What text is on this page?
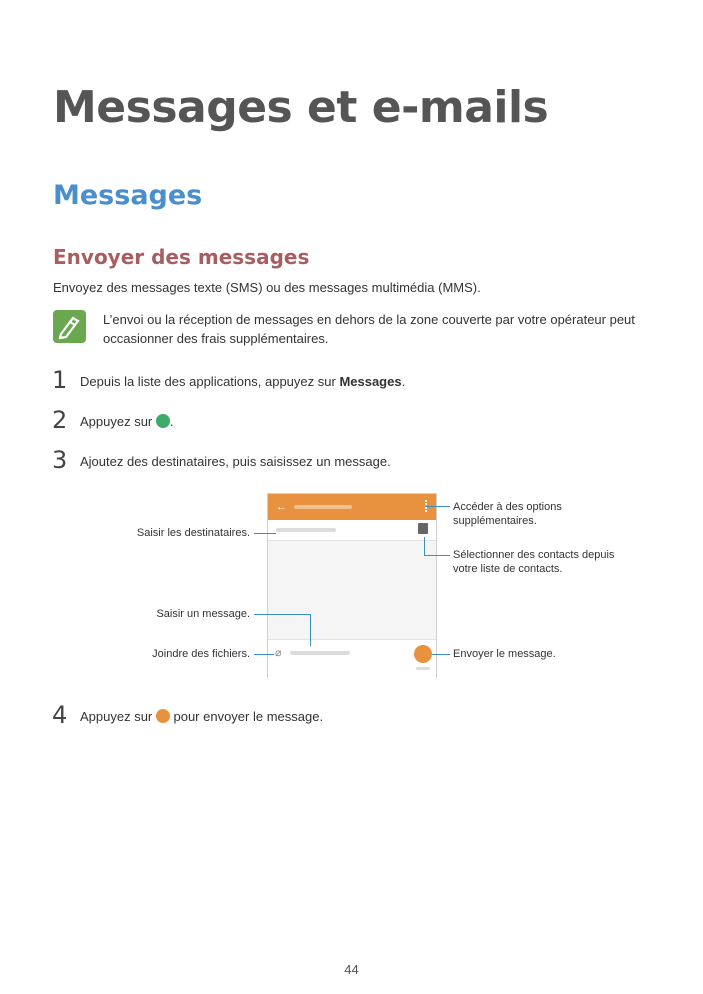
Messages et e-mails
Messages
Envoyer des messages
Envoyez des messages texte (SMS) ou des messages multimédia (MMS).
L’envoi ou la réception de messages en dehors de la zone couverte par votre opérateur peut occasionner des frais supplémentaires.
1 Depuis la liste des applications, appuyez sur Messages.
2 Appuyez sur .
3 Ajoutez des destinataires, puis saisissez un message.
←
⌀
Accéder à des options supplémentaires.
Sélectionner des contacts depuis votre liste de contacts.
Saisir les destinataires.
Saisir un message.
Joindre des fichiers.	Envoyer le message.
4 Appuyez sur  pour envoyer le message.
44
